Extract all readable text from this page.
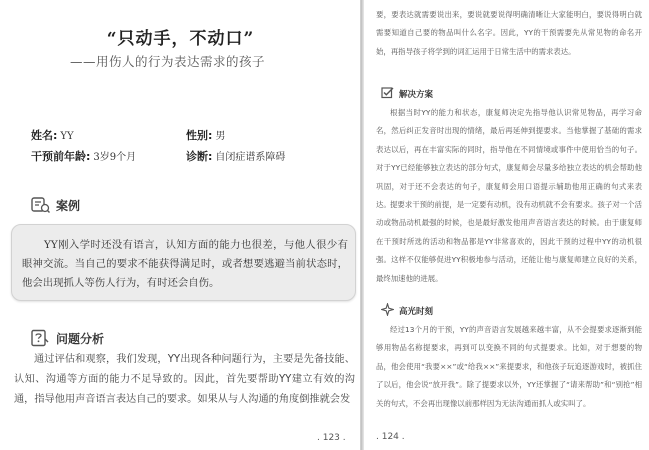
“只动手，不动口”
——用伤人的行为表达需求的孩子
姓名: YY	性别: 男
干预前年龄: 3岁9个月	诊断: 自闭症谱系障碍
案例
YY刚入学时还没有语言，认知方面的能力也很差，与他人很少有眼神交流。当自己的要求不能获得满足时，或者想要逃避当前状态时，他会出现抓人等伤人行为，有时还会自伤。
问题分析
通过评估和观察，我们发现，YY出现各种问题行为，主要是先备技能、认知、沟通等方面的能力不足导致的。因此，首先要帮助YY建立有效的沟通，指导他用声音语言表达自己的要求。如果从与人沟通的角度倒推就会发
. 123 .
要，要表达就需要说出来，要说就要说得明确清晰让大家能明白，要说得明白就需要知道自己要的物品叫什么名字。因此，YY的干预需要先从常见物的命名开始，再指导孩子将学到的词汇运用于日常生活中的需求表达。
解决方案
根据当时YY的能力和状态，康复师决定先指导他认识常见物品，再学习命名，然后纠正发音时出现的情绪，最后再延伸到提要求。当他掌握了基础的需求表达以后，再在丰富实际的同时，指导他在不同情境或事件中使用恰当的句子。对于YY已经能够独立表达的部分句式，康复师会尽量多给独立表达的机会帮助他巩固，对于还不会表达的句子，康复师会用口语提示辅助他用正确的句式来表达。 提要求干预的前提，是一定要有动机，没有动机就不会有要求。孩子对一个活动或物品动机最强的时候，也是最好激发他用声音语言表达的时候。由于康复师在干预时所选的活动和物品都是YY非常喜欢的，因此干预的过程中YY的动机很强。这样不仅能够促进YY积极地参与活动，还能让他与康复师建立良好的关系，最终加速他的进展。
高光时刻
经过13个月的干预，YY的声音语言发展越来越丰富，从不会提要求逐渐到能够用物品名称提要求，再到可以变换不同的句式提要求。比如，对于想要的物品，他会使用“我要××”或“给我××”来提要求，和他孩子玩追逐游戏时，被抓住了以后，他会说“放开我”。除了提要求以外，YY还掌握了“请来帮助”和“别抢”相关的句式，不会再出现像以前那样因为无法沟通而抓人或实叫了。
. 124 .
